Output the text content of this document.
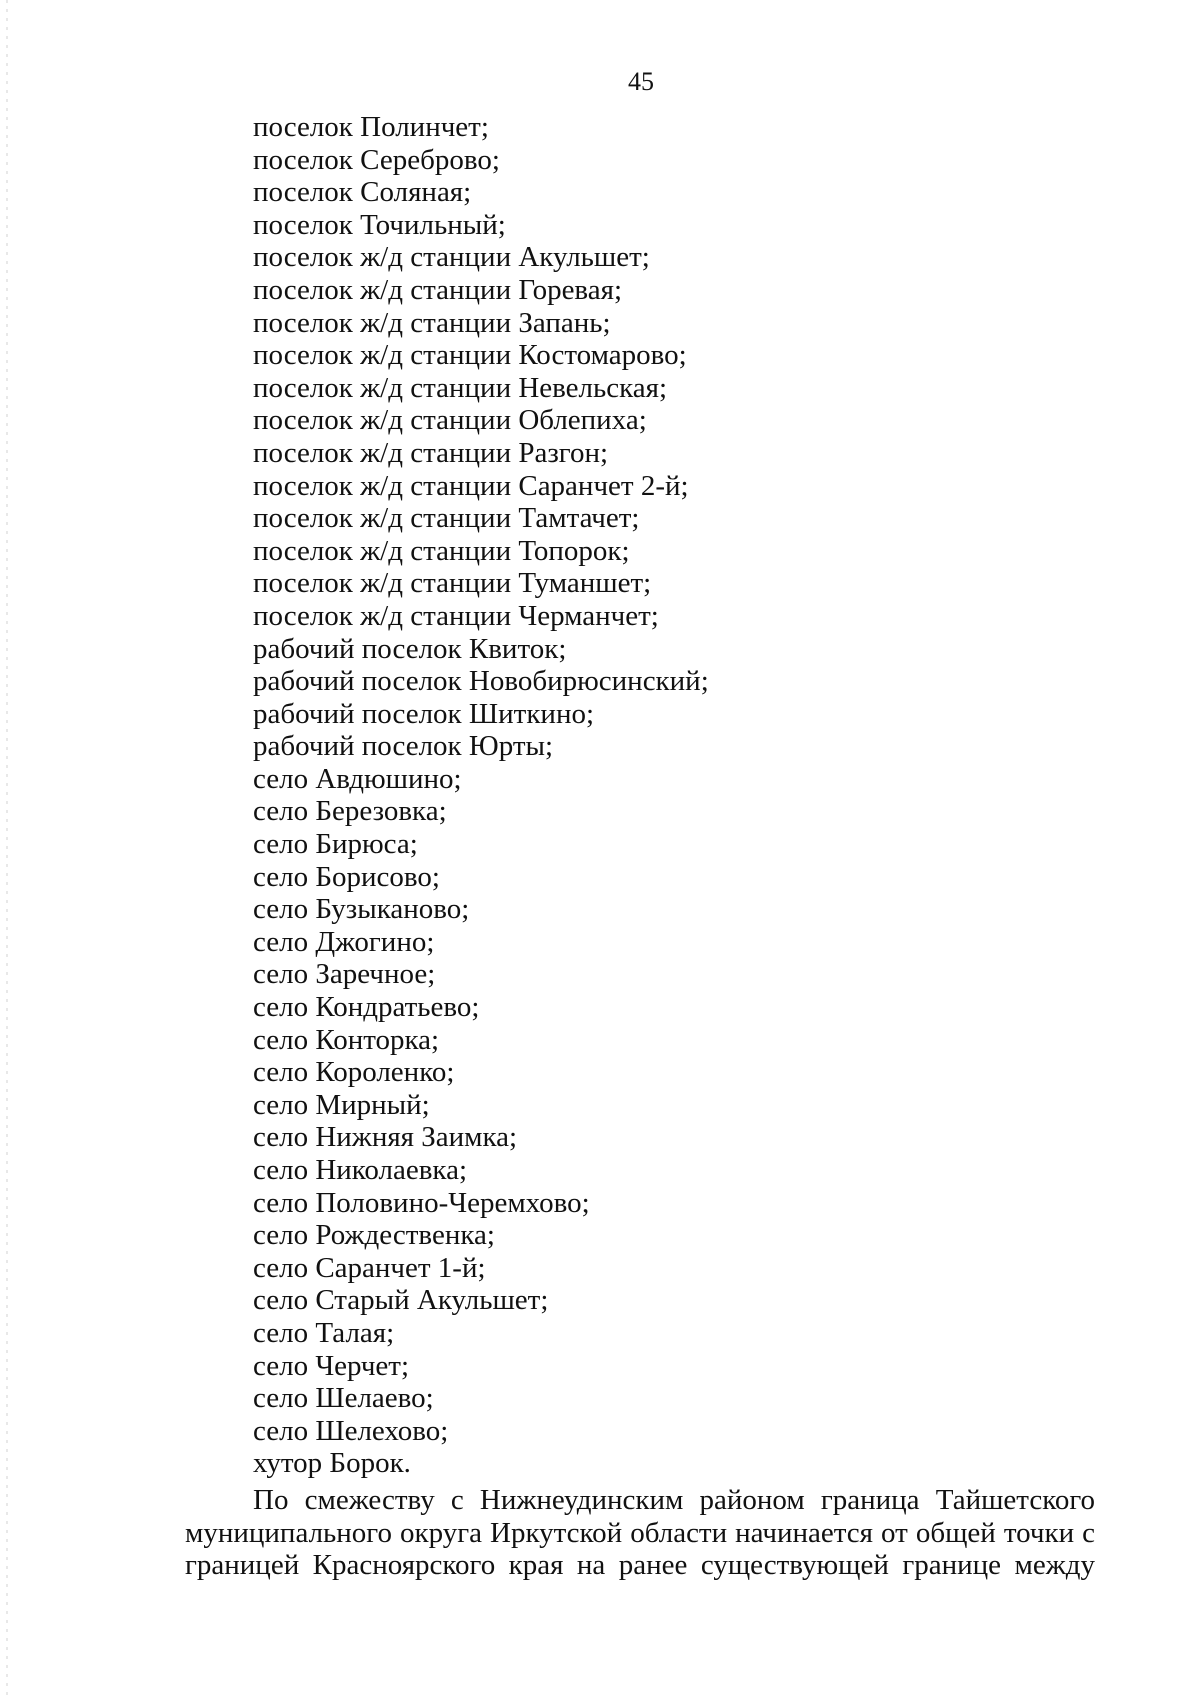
45
поселок Полинчет;
поселок Сереброво;
поселок Соляная;
поселок Точильный;
поселок ж/д станции Акульшет;
поселок ж/д станции Горевая;
поселок ж/д станции Запань;
поселок ж/д станции Костомарово;
поселок ж/д станции Невельская;
поселок ж/д станции Облепиха;
поселок ж/д станции Разгон;
поселок ж/д станции Саранчет 2-й;
поселок ж/д станции Тамтачет;
поселок ж/д станции Топорок;
поселок ж/д станции Туманшет;
поселок ж/д станции Черманчет;
рабочий поселок Квиток;
рабочий поселок Новобирюсинский;
рабочий поселок Шиткино;
рабочий поселок Юрты;
село Авдюшино;
село Березовка;
село Бирюса;
село Борисово;
село Бузыканово;
село Джогино;
село Заречное;
село Кондратьево;
село Конторка;
село Короленко;
село Мирный;
село Нижняя Заимка;
село Николаевка;
село Половино-Черемхово;
село Рождественка;
село Саранчет 1-й;
село Старый Акульшет;
село Талая;
село Черчет;
село Шелаево;
село Шелехово;
хутор Борок.

По смежеству с Нижнеудинским районом граница Тайшетского
муниципального округа Иркутской области начинается от общей точки с
границей Красноярского края на ранее существующей границе между
